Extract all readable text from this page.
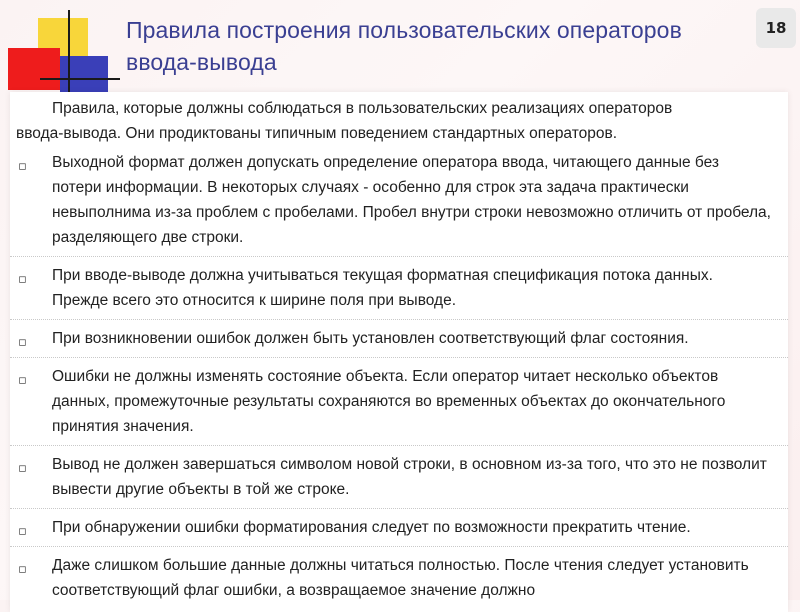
Правила построения пользовательских операторов ввода-вывода
18
Правила, которые должны соблюдаться в пользовательских реализациях операторов
ввода-вывода. Они продиктованы типичным поведением стандартных операторов.
▫ Выходной формат должен допускать определение оператора ввода, читающего данные без потери информации. В некоторых случаях - особенно для строк эта задача практически невыполнима из-за проблем с пробелами. Пробел внутри строки невозможно отличить от пробела, разделяющего две строки.
▫ При вводе-выводе должна учитываться текущая форматная спецификация потока данных. Прежде всего это относится к ширине поля при выводе.
▫ При возникновении ошибок должен быть установлен соответствующий флаг состояния.
▫ Ошибки не должны изменять состояние объекта. Если оператор читает несколько объектов данных, промежуточные результаты сохраняются во временных объектах до окончательного принятия значения.
▫ Вывод не должен завершаться символом новой строки, в основном из-за того, что это не позволит вывести другие объекты в той же строке.
▫ При обнаружении ошибки форматирования следует по возможности прекратить чтение.
▫ Даже слишком большие данные должны читаться полностью. После чтения следует установить соответствующий флаг ошибки, а возвращаемое значение должно
